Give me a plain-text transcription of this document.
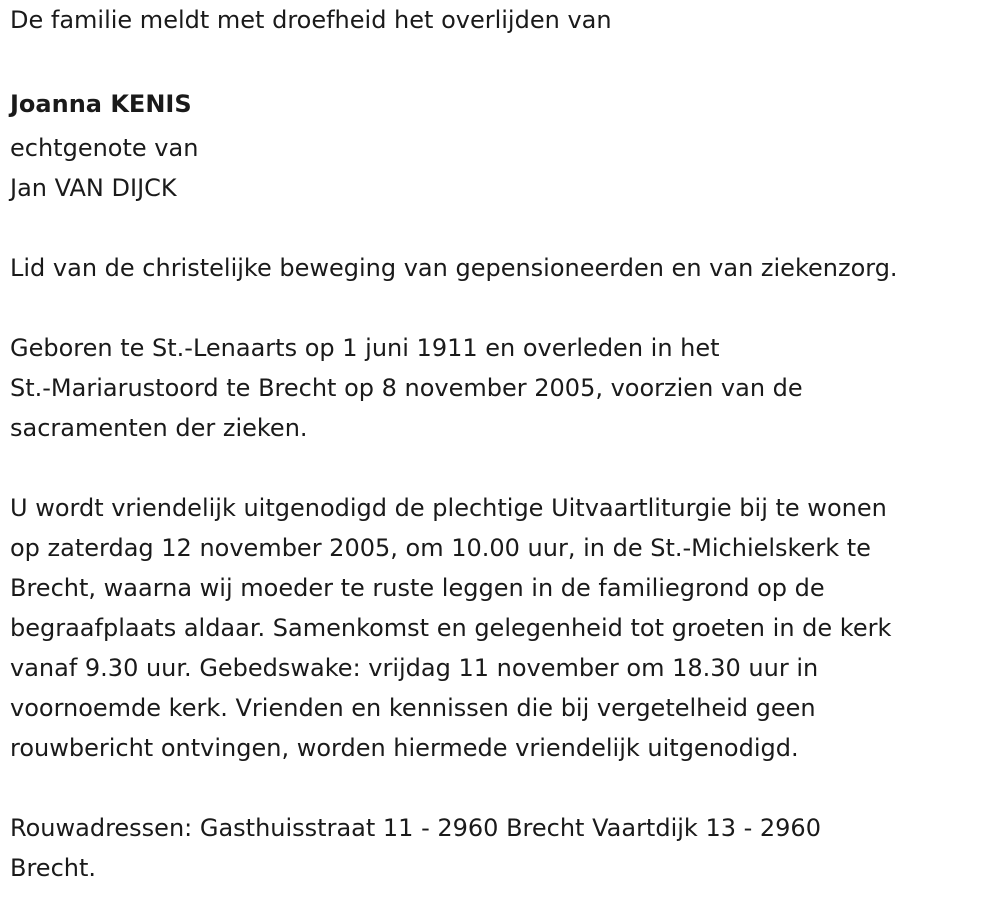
De familie meldt met droefheid het overlijden van

Joanna KENIS

echtgenote van

Jan VAN DIJCK

Lid van de christelijke beweging van gepensioneerden en van ziekenzorg.

Geboren te St.-Lenaarts op 1 juni 1911 en overleden in het

St.-Mariarustoord te Brecht op 8 november 2005, voorzien van de

sacramenten der zieken.

U wordt vriendelijk uitgenodigd de plechtige Uitvaartliturgie bij te wonen

op zaterdag 12 november 2005, om 10.00 uur, in de St.-Michielskerk te

Brecht, waarna wij moeder te ruste leggen in de familiegrond op de

begraafplaats aldaar. Samenkomst en gelegenheid tot groeten in de kerk

vanaf 9.30 uur. Gebedswake: vrijdag 11 november om 18.30 uur in

voornoemde kerk. Vrienden en kennissen die bij vergetelheid geen

rouwbericht ontvingen, worden hiermede vriendelijk uitgenodigd.

Rouwadressen: Gasthuisstraat 11 - 2960 Brecht Vaartdijk 13 - 2960

Brecht.
